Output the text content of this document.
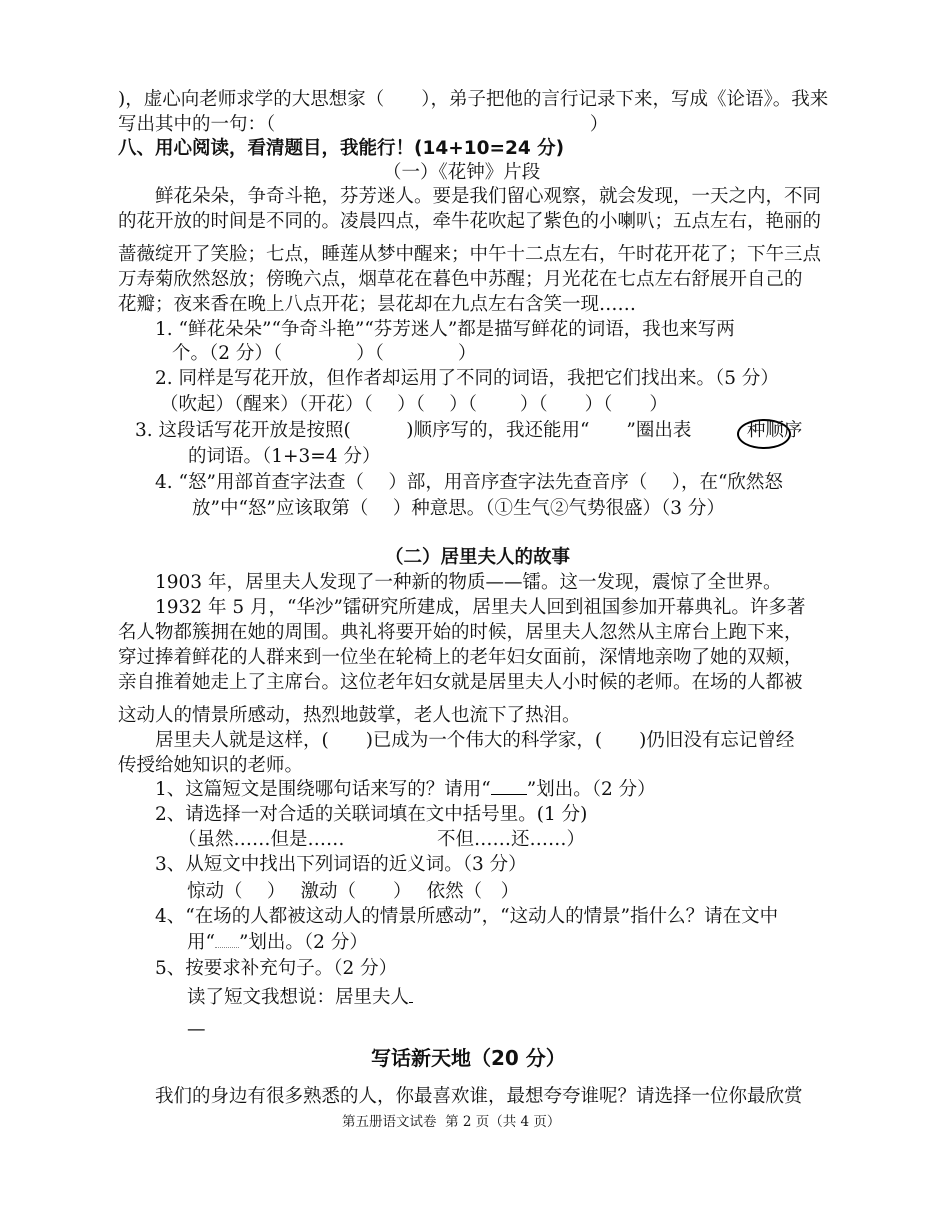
)，虚心向老师求学的大思想家（　　），弟子把他的言行记录下来，写成《论语》。我来
写出其中的一句：（　　　　　　　　　　　　　　　　　）
八、用心阅读，看清题目，我能行！(14+10=24 分)
（一）《花钟》片段
鲜花朵朵，争奇斗艳，芬芳迷人。要是我们留心观察，就会发现，一天之内，不同
的花开放的时间是不同的。凌晨四点，牵牛花吹起了紫色的小喇叭；五点左右，艳丽的
蔷薇绽开了笑脸；七点，睡莲从梦中醒来；中午十二点左右，午时花开花了；下午三点
万寿菊欣然怒放；傍晚六点，烟草花在暮色中苏醒；月光花在七点左右舒展开自己的
花瓣；夜来香在晚上八点开花；昙花却在九点左右含笑一现……
1. “鲜花朵朵”“争奇斗艳”“芬芳迷人”都是描写鲜花的词语，我也来写两
个。（2 分）（　　　　）（　　　　）
2. 同样是写花开放，但作者却运用了不同的词语，我把它们找出来。（5 分）
（吹起）（醒来）（开花）（　 ）（　 ）（　　 ）（　　）（　　）
3. 这段话写花开放是按照(　　　)顺序写的，我还能用“　　”圈出表　　　种顺序
的词语。（1+3=4 分）
4. “怒”用部首查字法查（　 ）部，用音序查字法先查音序（　 ），在“欣然怒
放”中“怒”应该取第（　 ）种意思。（①生气②气势很盛）（3 分）
（二）居里夫人的故事
1903 年，居里夫人发现了一种新的物质——镭。这一发现，震惊了全世界。
1932 年 5 月，“华沙”镭研究所建成，居里夫人回到祖国参加开幕典礼。许多著
名人物都簇拥在她的周围。典礼将要开始的时候，居里夫人忽然从主席台上跑下来，
穿过捧着鲜花的人群来到一位坐在轮椅上的老年妇女面前，深情地亲吻了她的双颊，
亲自推着她走上了主席台。这位老年妇女就是居里夫人小时候的老师。在场的人都被
这动人的情景所感动，热烈地鼓掌，老人也流下了热泪。
居里夫人就是这样，(　　)已成为一个伟大的科学家，(　　)仍旧没有忘记曾经
传授给她知识的老师。
1、这篇短文是围绕哪句话来写的？请用“ ”划出。（2 分）
2、请选择一对合适的关联词填在文中括号里。(1 分)
（虽然……但是……　　　　　不但……还……）
3、从短文中找出下列词语的近义词。（3 分）
惊动（　 ）　 激动（　　）　 依然（　）
4、“在场的人都被这动人的情景所感动”，“这动人的情景”指什么？请在文中
用“ ”划出。（2 分）
5、按要求补充句子。（2 分）
读了短文我想说：居里夫人
—
写话新天地（20 分）
我们的身边有很多熟悉的人，你最喜欢谁，最想夸夸谁呢？请选择一位你最欣赏
第五册语文试卷  第 2 页（共 4 页）
